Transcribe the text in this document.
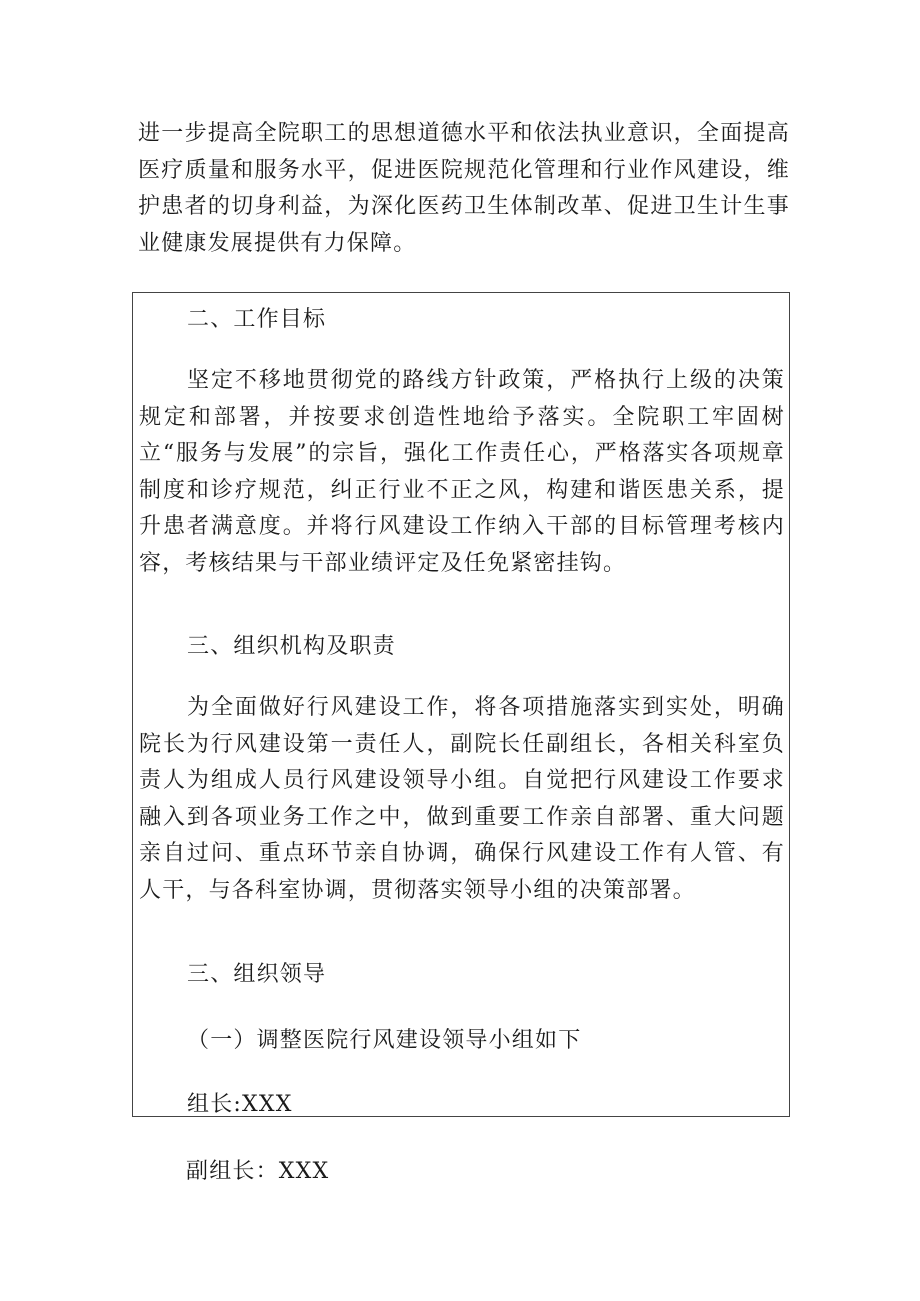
进一步提高全院职工的思想道德水平和依法执业意识，全面提高医疗质量和服务水平，促进医院规范化管理和行业作风建设，维护患者的切身利益，为深化医药卫生体制改革、促进卫生计生事业健康发展提供有力保障。

二、工作目标

坚定不移地贯彻党的路线方针政策，严格执行上级的决策规定和部署，并按要求创造性地给予落实。全院职工牢固树立“服务与发展”的宗旨，强化工作责任心，严格落实各项规章制度和诊疗规范，纠正行业不正之风，构建和谐医患关系，提升患者满意度。并将行风建设工作纳入干部的目标管理考核内容，考核结果与干部业绩评定及任免紧密挂钩。

三、组织机构及职责

为全面做好行风建设工作，将各项措施落实到实处，明确院长为行风建设第一责任人，副院长任副组长，各相关科室负责人为组成人员行风建设领导小组。自觉把行风建设工作要求融入到各项业务工作之中，做到重要工作亲自部署、重大问题亲自过问、重点环节亲自协调，确保行风建设工作有人管、有人干，与各科室协调，贯彻落实领导小组的决策部署。

三、组织领导

（一）调整医院行风建设领导小组如下

组长:XXX

副组长：XXX
